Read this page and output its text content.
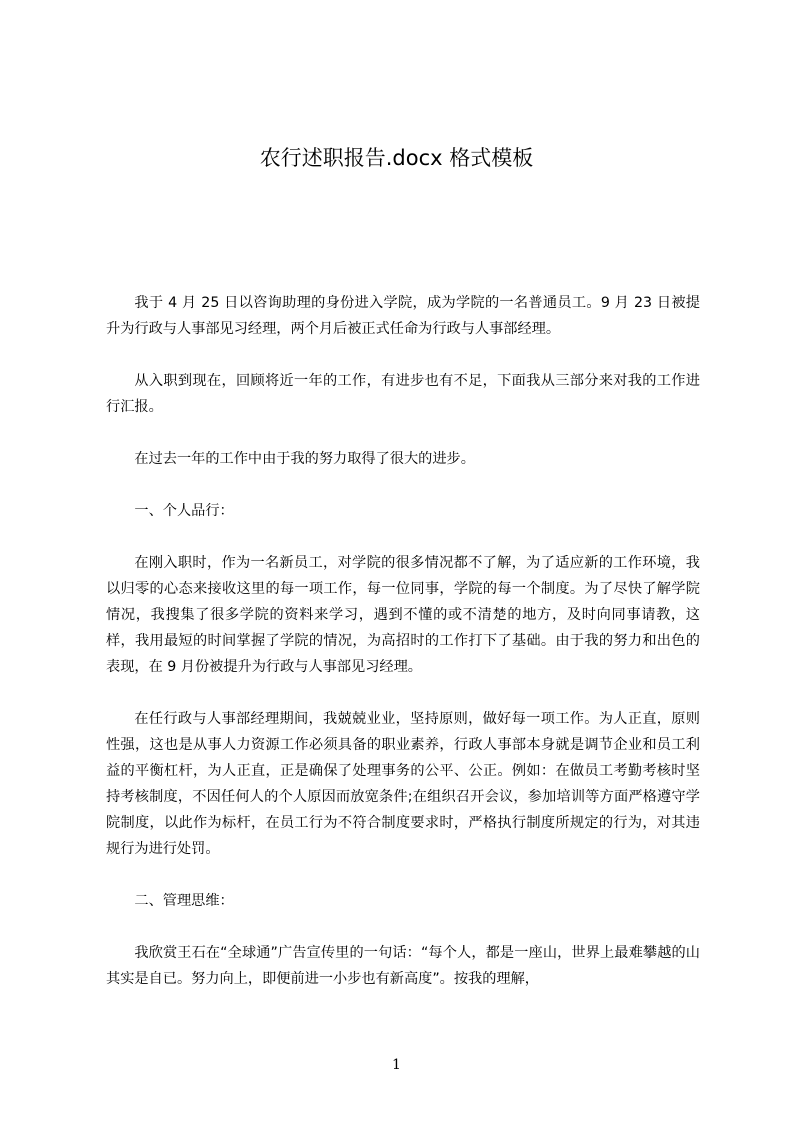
农行述职报告.docx 格式模板

我于 4 月 25 日以咨询助理的身份进入学院，成为学院的一名普通员工。9 月 23 日被提升为行政与人事部见习经理，两个月后被正式任命为行政与人事部经理。

从入职到现在，回顾将近一年的工作，有进步也有不足，下面我从三部分来对我的工作进行汇报。

在过去一年的工作中由于我的努力取得了很大的进步。

一、个人品行：

在刚入职时，作为一名新员工，对学院的很多情况都不了解，为了适应新的工作环境，我以归零的心态来接收这里的每一项工作，每一位同事，学院的每一个制度。为了尽快了解学院情况，我搜集了很多学院的资料来学习，遇到不懂的或不清楚的地方，及时向同事请教，这样，我用最短的时间掌握了学院的情况，为高招时的工作打下了基础。由于我的努力和出色的表现，在 9 月份被提升为行政与人事部见习经理。

在任行政与人事部经理期间，我兢兢业业，坚持原则，做好每一项工作。为人正直，原则性强，这也是从事人力资源工作必须具备的职业素养，行政人事部本身就是调节企业和员工利益的平衡杠杆，为人正直，正是确保了处理事务的公平、公正。例如：在做员工考勤考核时坚持考核制度，不因任何人的个人原因而放宽条件;在组织召开会议，参加培训等方面严格遵守学院制度，以此作为标杆，在员工行为不符合制度要求时，严格执行制度所规定的行为，对其违规行为进行处罚。

二、管理思维：

我欣赏王石在“全球通”广告宣传里的一句话：“每个人，都是一座山，世界上最难攀越的山其实是自已。努力向上，即便前进一小步也有新高度”。按我的理解，

1
